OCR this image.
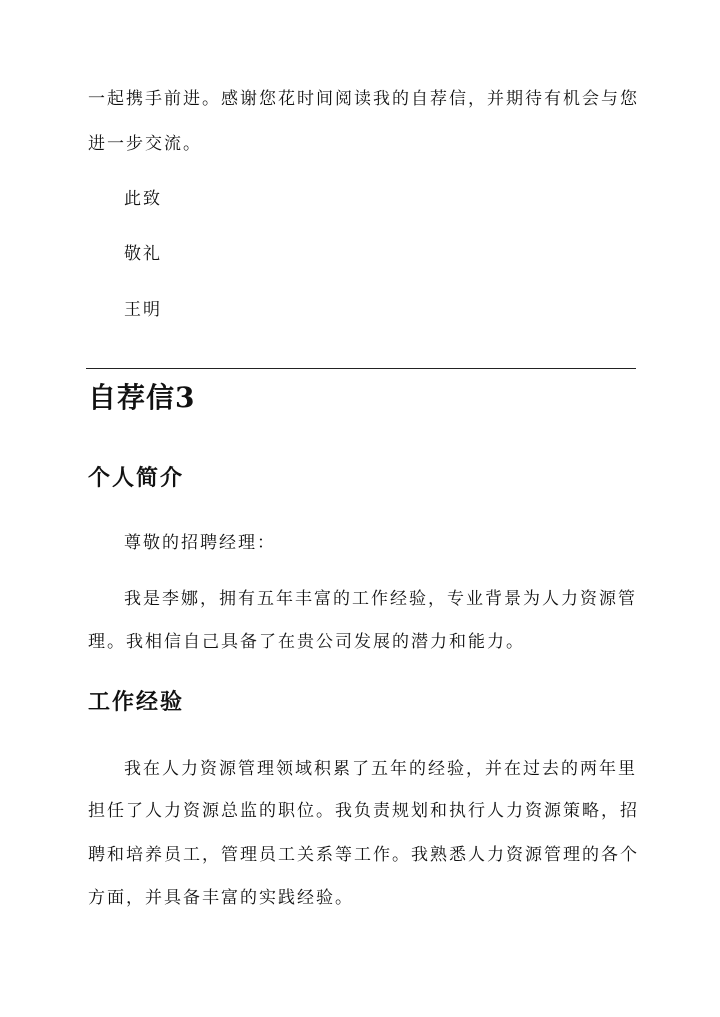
一起携手前进。感谢您花时间阅读我的自荐信，并期待有机会与您

进一步交流。

此致

敬礼

王明

自荐信3
个人简介

尊敬的招聘经理：

我是李娜，拥有五年丰富的工作经验，专业背景为人力资源管

理。我相信自己具备了在贵公司发展的潜力和能力。

工作经验

我在人力资源管理领域积累了五年的经验，并在过去的两年里

担任了人力资源总监的职位。我负责规划和执行人力资源策略，招

聘和培养员工，管理员工关系等工作。我熟悉人力资源管理的各个

方面，并具备丰富的实践经验。
